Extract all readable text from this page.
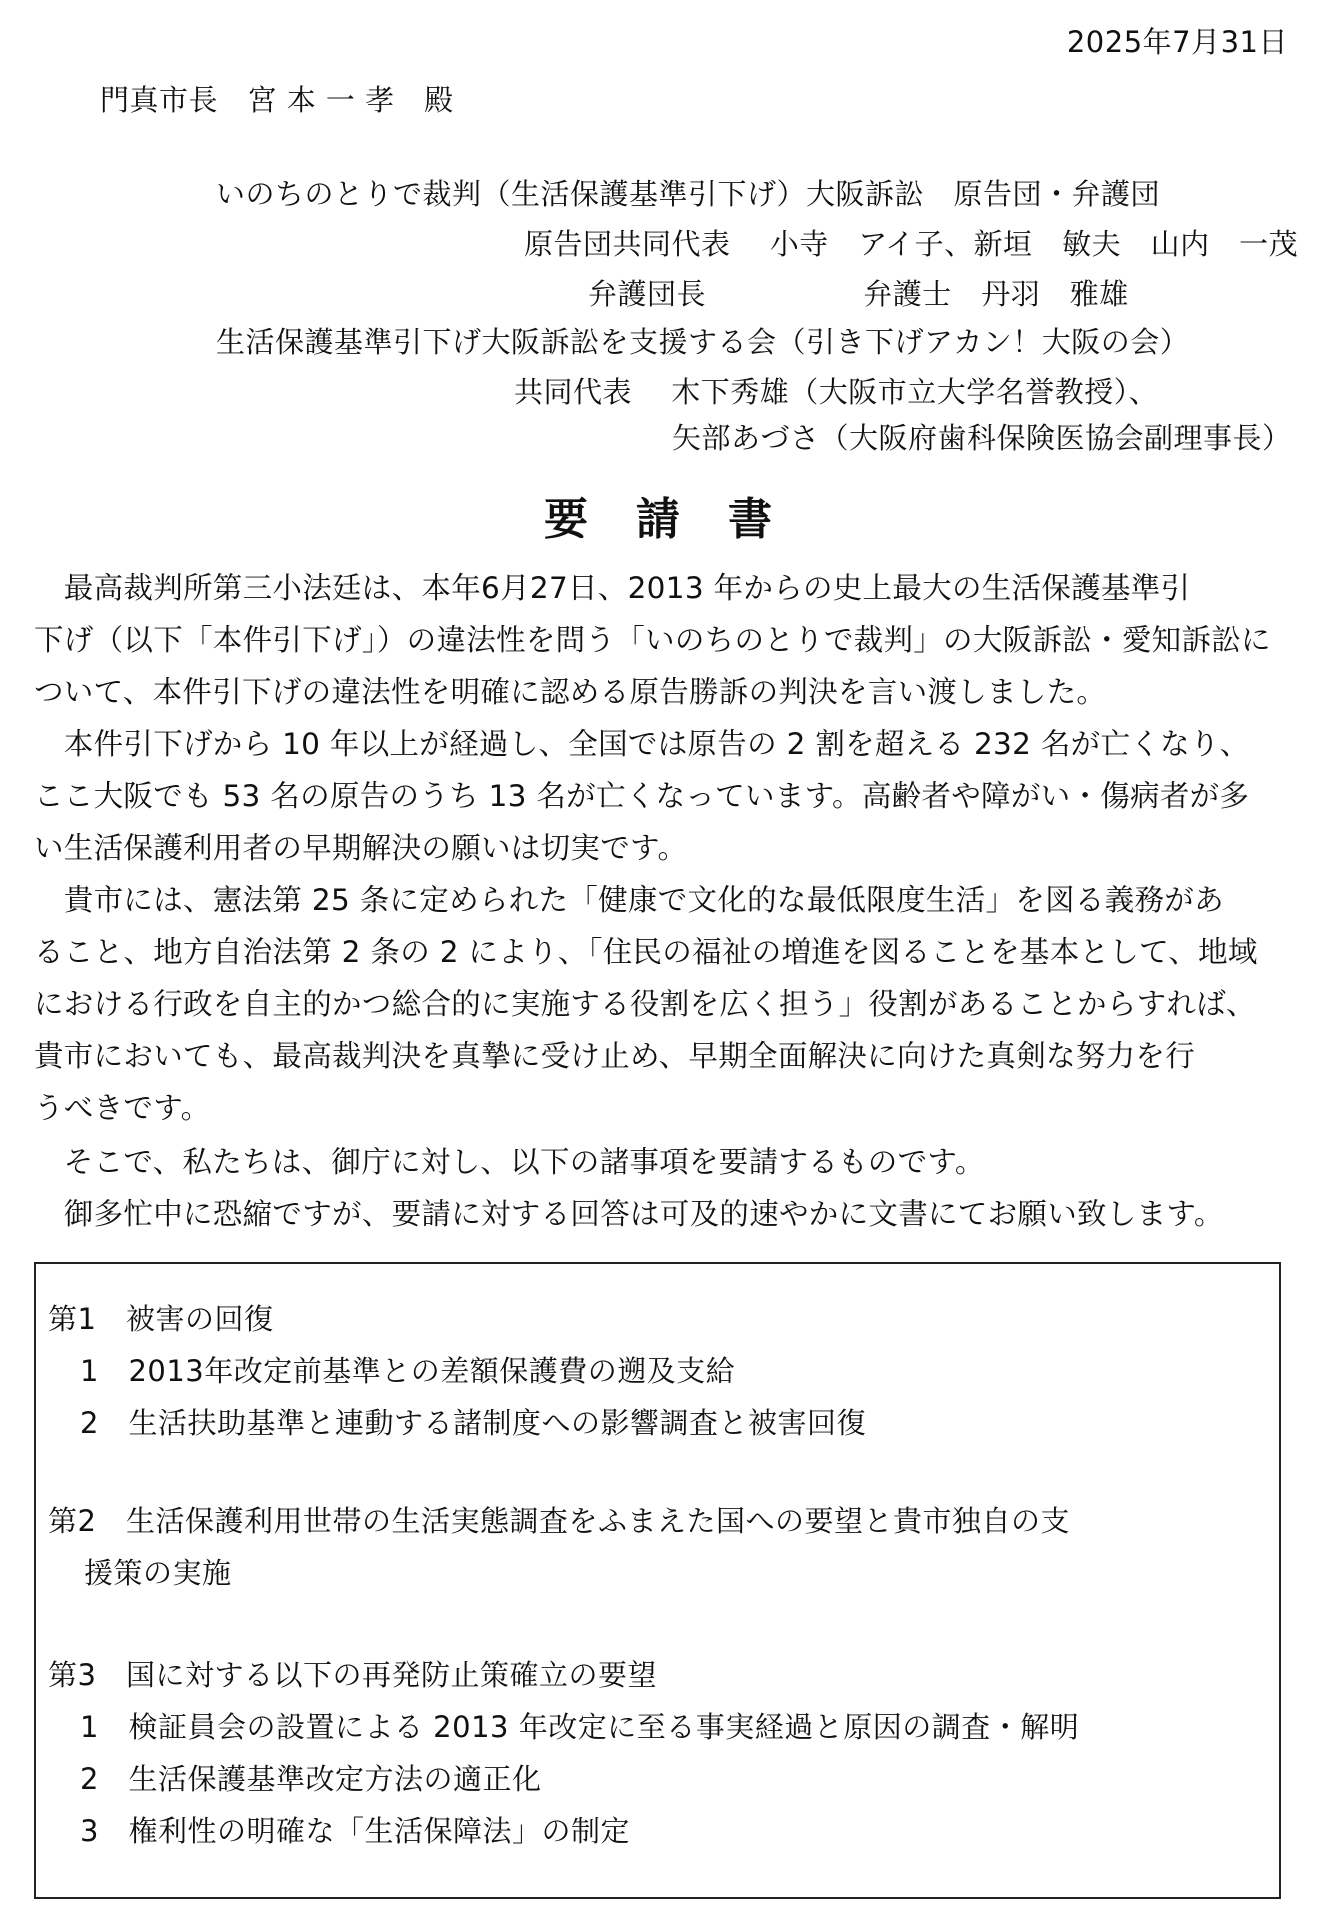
2025年7月31日
門真市長　宮 本 一 孝　殿
いのちのとりで裁判（生活保護基準引下げ）大阪訴訟　原告団・弁護団
原告団共同代表　 小寺　アイ子、新垣　敏夫　山内　一茂
弁護団長　　　　　 弁護士　丹羽　雅雄
生活保護基準引下げ大阪訴訟を支援する会（引き下げアカン！大阪の会）
共同代表　 木下秀雄（大阪市立大学名誉教授）、
矢部あづさ（大阪府歯科保険医協会副理事長）
要　請　書
　最高裁判所第三小法廷は、本年6月27日、2013 年からの史上最大の生活保護基準引
下げ（以下「本件引下げ」）の違法性を問う「いのちのとりで裁判」の大阪訴訟・愛知訴訟に
ついて、本件引下げの違法性を明確に認める原告勝訴の判決を言い渡しました。
　本件引下げから 10 年以上が経過し、全国では原告の 2 割を超える 232 名が亡くなり、
ここ大阪でも 53 名の原告のうち 13 名が亡くなっています。高齢者や障がい・傷病者が多
い生活保護利用者の早期解決の願いは切実です。
　貴市には、憲法第 25 条に定められた「健康で文化的な最低限度生活」を図る義務があ
ること、地方自治法第 2 条の 2 により、「住民の福祉の増進を図ることを基本として、地域
における行政を自主的かつ総合的に実施する役割を広く担う」役割があることからすれば、
貴市においても、最高裁判決を真摯に受け止め、早期全面解決に向けた真剣な努力を行
うべきです。
　そこで、私たちは、御庁に対し、以下の諸事項を要請するものです。
　御多忙中に恐縮ですが、要請に対する回答は可及的速やかに文書にてお願い致します。
第1　被害の回復
1　2013年改定前基準との差額保護費の遡及支給
2　生活扶助基準と連動する諸制度への影響調査と被害回復
第2　生活保護利用世帯の生活実態調査をふまえた国への要望と貴市独自の支
援策の実施
第3　国に対する以下の再発防止策確立の要望
1　検証員会の設置による 2013 年改定に至る事実経過と原因の調査・解明
2　生活保護基準改定方法の適正化
3　権利性の明確な「生活保障法」の制定
